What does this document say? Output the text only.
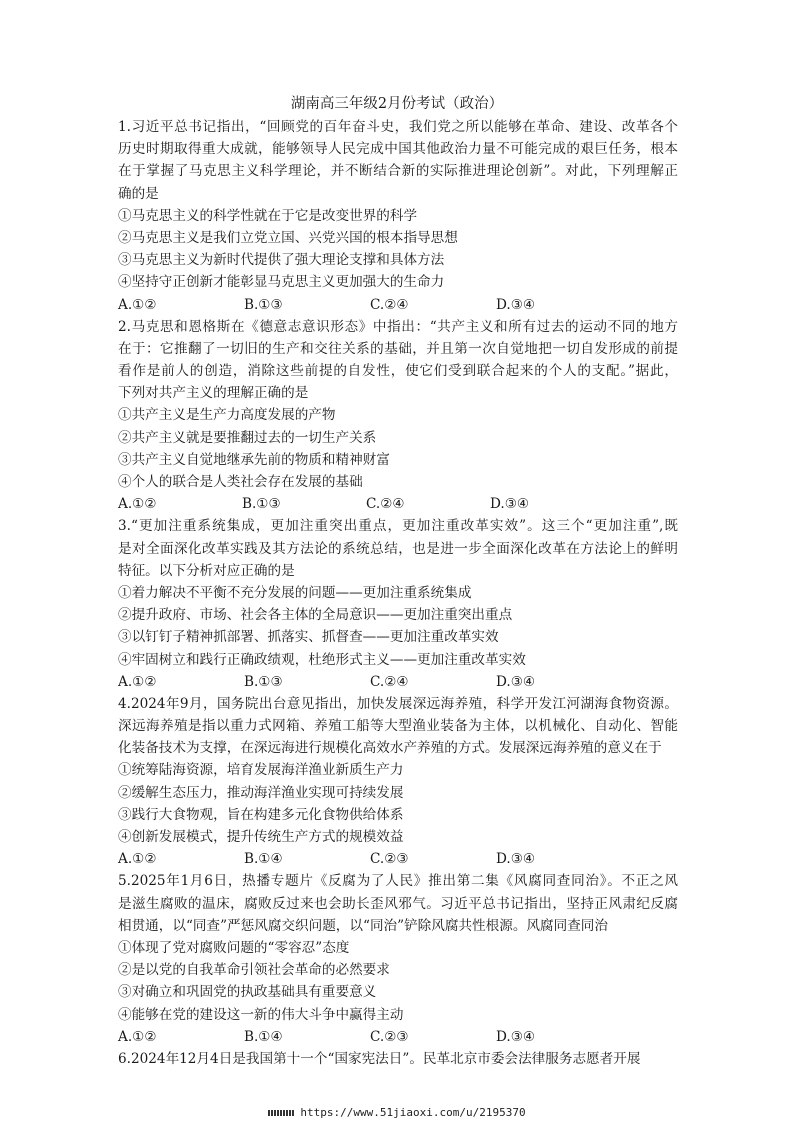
湖南高三年级2月份考试（政治）
1.习近平总书记指出，“回顾党的百年奋斗史，我们党之所以能够在革命、建设、改革各个
历史时期取得重大成就，能够领导人民完成中国其他政治力量不可能完成的艰巨任务，根本
在于掌握了马克思主义科学理论，并不断结合新的实际推进理论创新”。对此，下列理解正
确的是
①马克思主义的科学性就在于它是改变世界的科学
②马克思主义是我们立党立国、兴党兴国的根本指导思想
③马克思主义为新时代提供了强大理论支撑和具体方法
④坚持守正创新才能彰显马克思主义更加强大的生命力
A.①②	B.①③	C.②④	D.③④
2.马克思和恩格斯在《德意志意识形态》中指出：“共产主义和所有过去的运动不同的地方
在于：它推翻了一切旧的生产和交往关系的基础，并且第一次自觉地把一切自发形成的前提
看作是前人的创造，消除这些前提的自发性，使它们受到联合起来的个人的支配。”据此，
下列对共产主义的理解正确的是
①共产主义是生产力高度发展的产物
②共产主义就是要推翻过去的一切生产关系
③共产主义自觉地继承先前的物质和精神财富
④个人的联合是人类社会存在发展的基础
A.①②	B.①③	C.②④	D.③④
3.“更加注重系统集成，更加注重突出重点，更加注重改革实效”。这三个“更加注重”,既
是对全面深化改革实践及其方法论的系统总结，也是进一步全面深化改革在方法论上的鲜明
特征。以下分析对应正确的是
①着力解决不平衡不充分发展的问题——更加注重系统集成
②提升政府、市场、社会各主体的全局意识——更加注重突出重点
③以钉钉子精神抓部署、抓落实、抓督查——更加注重改革实效
④牢固树立和践行正确政绩观，杜绝形式主义——更加注重改革实效
A.①②	B.①③	C.②④	D.③④
4.2024年9月，国务院出台意见指出，加快发展深远海养殖，科学开发江河湖海食物资源。
深远海养殖是指以重力式网箱、养殖工船等大型渔业装备为主体，以机械化、自动化、智能
化装备技术为支撑，在深远海进行规模化高效水产养殖的方式。发展深远海养殖的意义在于
①统筹陆海资源，培育发展海洋渔业新质生产力
②缓解生态压力，推动海洋渔业实现可持续发展
③践行大食物观，旨在构建多元化食物供给体系
④创新发展模式，提升传统生产方式的规模效益
A.①②	B.①④	C.②③	D.③④
5.2025年1月6日，热播专题片《反腐为了人民》推出第二集《风腐同查同治》。不正之风
是滋生腐败的温床，腐败反过来也会助长歪风邪气。习近平总书记指出，坚持正风肃纪反腐
相贯通，以“同查”严惩风腐交织问题，以“同治”铲除风腐共性根源。风腐同查同治
①体现了党对腐败问题的“零容忍”态度
②是以党的自我革命引领社会革命的必然要求
③对确立和巩固党的执政基础具有重要意义
④能够在党的建设这一新的伟大斗争中赢得主动
A.①②	B.①④	C.②③	D.③④
6.2024年12月4日是我国第十一个“国家宪法日”。民革北京市委会法律服务志愿者开展
https://www.51jiaoxi.com/u/2195370
